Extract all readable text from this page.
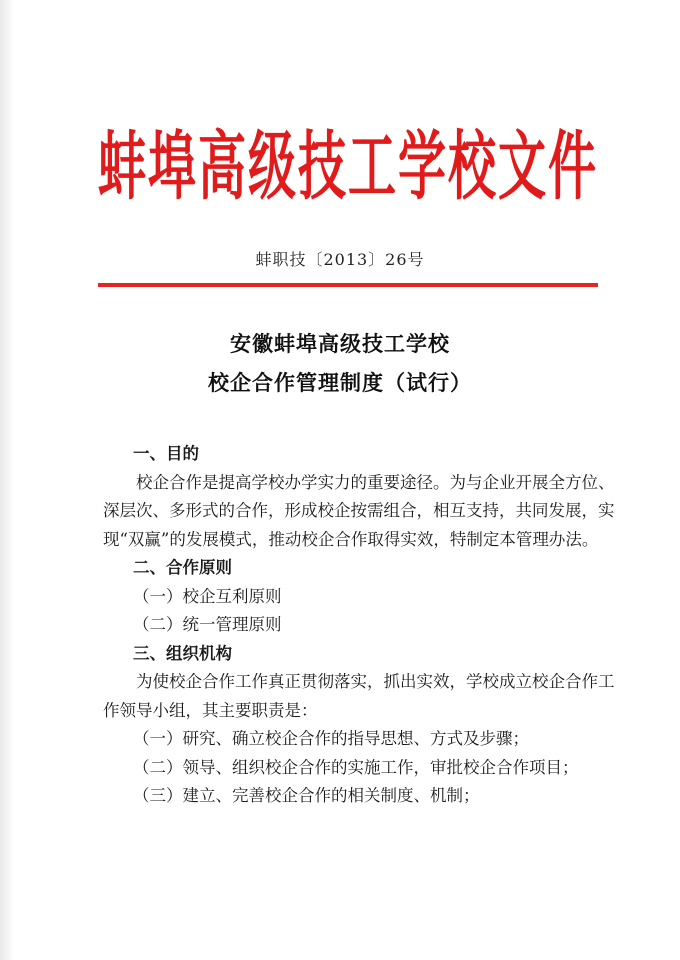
蚌埠高级技工学校文件
蚌职技〔2013〕26号
安徽蚌埠高级技工学校
校企合作管理制度（试行）

一、目的

校企合作是提高学校办学实力的重要途径。为与企业开展全方位、深层次、多形式的合作，形成校企按需组合，相互支持，共同发展，实现“双赢”的发展模式，推动校企合作取得实效，特制定本管理办法。

二、合作原则

（一）校企互利原则

（二）统一管理原则

三、组织机构

为使校企合作工作真正贯彻落实，抓出实效，学校成立校企合作工作领导小组，其主要职责是：

（一）研究、确立校企合作的指导思想、方式及步骤；

（二）领导、组织校企合作的实施工作，审批校企合作项目；

（三）建立、完善校企合作的相关制度、机制；
